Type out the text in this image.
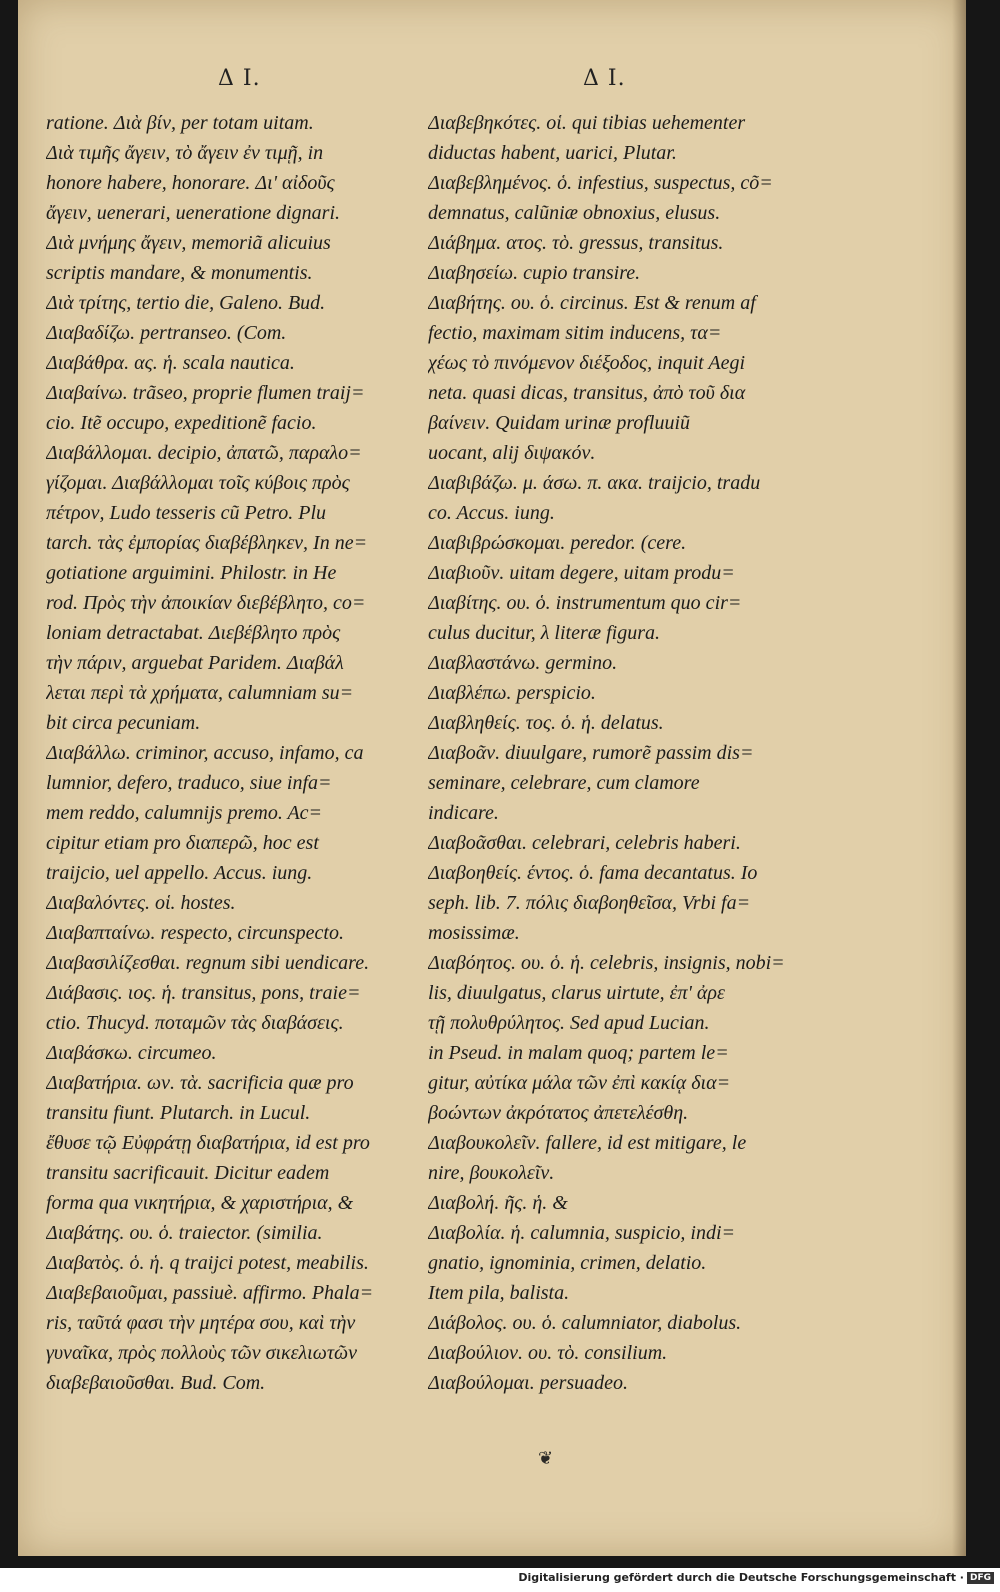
Δ I.	Δ I.
ratione. Διὰ βίν, per totam uitam.
Διὰ τιμῆς ἄγειν, τὸ ἄγειν ἐν τιμῇ, in
honore habere, honorare. Δι' αἰδοῦς
ἄγειν, uenerari, ueneratione dignari.
Διὰ μνήμης ἄγειν, memoriã alicuius
scriptis mandare, & monumentis.
Διὰ τρίτης, tertio die, Galeno. Bud.
Διαβαδίζω. pertranseo. (Com.
Διαβάθρα. ας. ἡ. scala nautica.
Διαβαίνω. trãseo, proprie flumen traij=
cio. Itẽ occupo, expeditionẽ facio.
Διαβάλλομαι. decipio, ἀπατῶ, παραλο=
γίζομαι. Διαβάλλομαι τοῖς κύβοις πρὸς
πέτρον, Ludo tesseris cũ Petro. Plu
tarch. τὰς ἐμπορίας διαβέβληκεν, In ne=
gotiatione arguimini. Philostr. in He
rod. Πρὸς τὴν ἀποικίαν διεβέβλητο, co=
loniam detractabat. Διεβέβλητο πρὸς
τὴν πάριν, arguebat Paridem. Διαβάλ
λεται περὶ τὰ χρήματα, calumniam su=
bit circa pecuniam.
Διαβάλλω. criminor, accuso, infamo, ca
lumnior, defero, traduco, siue infa=
mem reddo, calumnijs premo. Ac=
cipitur etiam pro διαπερῶ, hoc est
traijcio, uel appello. Accus. iung.
Διαβαλόντες. οἱ. hostes.
Διαβαπταίνω. respecto, circunspecto.
Διαβασιλίζεσθαι. regnum sibi uendicare.
Διάβασις. ιος. ἡ. transitus, pons, traie=
ctio. Thucyd. ποταμῶν τὰς διαβάσεις.
Διαβάσκω. circumeo.
Διαβατήρια. ων. τὰ. sacrificia quæ pro
transitu fiunt. Plutarch. in Lucul.
ἔθυσε τῷ Εὐφράτῃ διαβατήρια, id est pro
transitu sacrificauit. Dicitur eadem
forma qua νικητήρια, & χαριστήρια, &
Διαβάτης. ου. ὁ. traiector. (similia.
Διαβατὸς. ὁ. ἡ. q traijci potest, meabilis.
Διαβεβαιοῦμαι, passiuè. affirmo. Phala=
ris, ταῦτά φασι τὴν μητέρα σου, καὶ τὴν
γυναῖκα, πρὸς πολλοὺς τῶν σικελιωτῶν
διαβεβαιοῦσθαι. Bud. Com.
Διαβεβηκότες. οἱ. qui tibias uehementer
diductas habent, uarici, Plutar.
Διαβεβλημένος. ὁ. infestius, suspectus, cõ=
demnatus, calũniæ obnoxius, elusus.
Διάβημα. ατος. τὸ. gressus, transitus.
Διαβησείω. cupio transire.
Διαβήτης. ου. ὁ. circinus. Est & renum af
fectio, maximam sitim inducens, τα=
χέως τὸ πινόμενον διέξοδος, inquit Aegi
neta. quasi dicas, transitus, ἀπὸ τοῦ δια
βαίνειν. Quidam urinæ profluuiũ
uocant, alij διψακόν.
Διαβιβάζω. μ. άσω. π. ακα. traijcio, tradu
co. Accus. iung.
Διαβιβρώσκομαι. peredor. (cere.
Διαβιοῦν. uitam degere, uitam produ=
Διαβίτης. ου. ὁ. instrumentum quo cir=
culus ducitur, λ literæ figura.
Διαβλαστάνω. germino.
Διαβλέπω. perspicio.
Διαβληθείς. τος. ὁ. ἡ. delatus.
Διαβοᾶν. diuulgare, rumorẽ passim dis=
seminare, celebrare, cum clamore
indicare.
Διαβοᾶσθαι. celebrari, celebris haberi.
Διαβοηθείς. έντος. ὁ. fama decantatus. Io
seph. lib. 7. πόλις διαβοηθεῖσα, Vrbi fa=
mosissimæ.
Διαβόητος. ου. ὁ. ἡ. celebris, insignis, nobi=
lis, diuulgatus, clarus uirtute, ἐπ' ἀρε
τῇ πολυθρύλητος. Sed apud Lucian.
in Pseud. in malam quoq; partem le=
gitur, αὐτίκα μάλα τῶν ἐπὶ κακίᾳ δια=
βοώντων ἀκρότατος ἀπετελέσθη.
Διαβουκολεῖν. fallere, id est mitigare, le
nire, βουκολεῖν.
Διαβολή. ῆς. ἡ. &
Διαβολία. ἡ. calumnia, suspicio, indi=
gnatio, ignominia, crimen, delatio.
Item pila, balista.
Διάβολος. ου. ὁ. calumniator, diabolus.
Διαβούλιον. ου. τὸ. consilium.
Διαβούλομαι. persuadeo.
❦
Digitalisierung gefördert durch die Deutsche Forschungsgemeinschaft · DFG
